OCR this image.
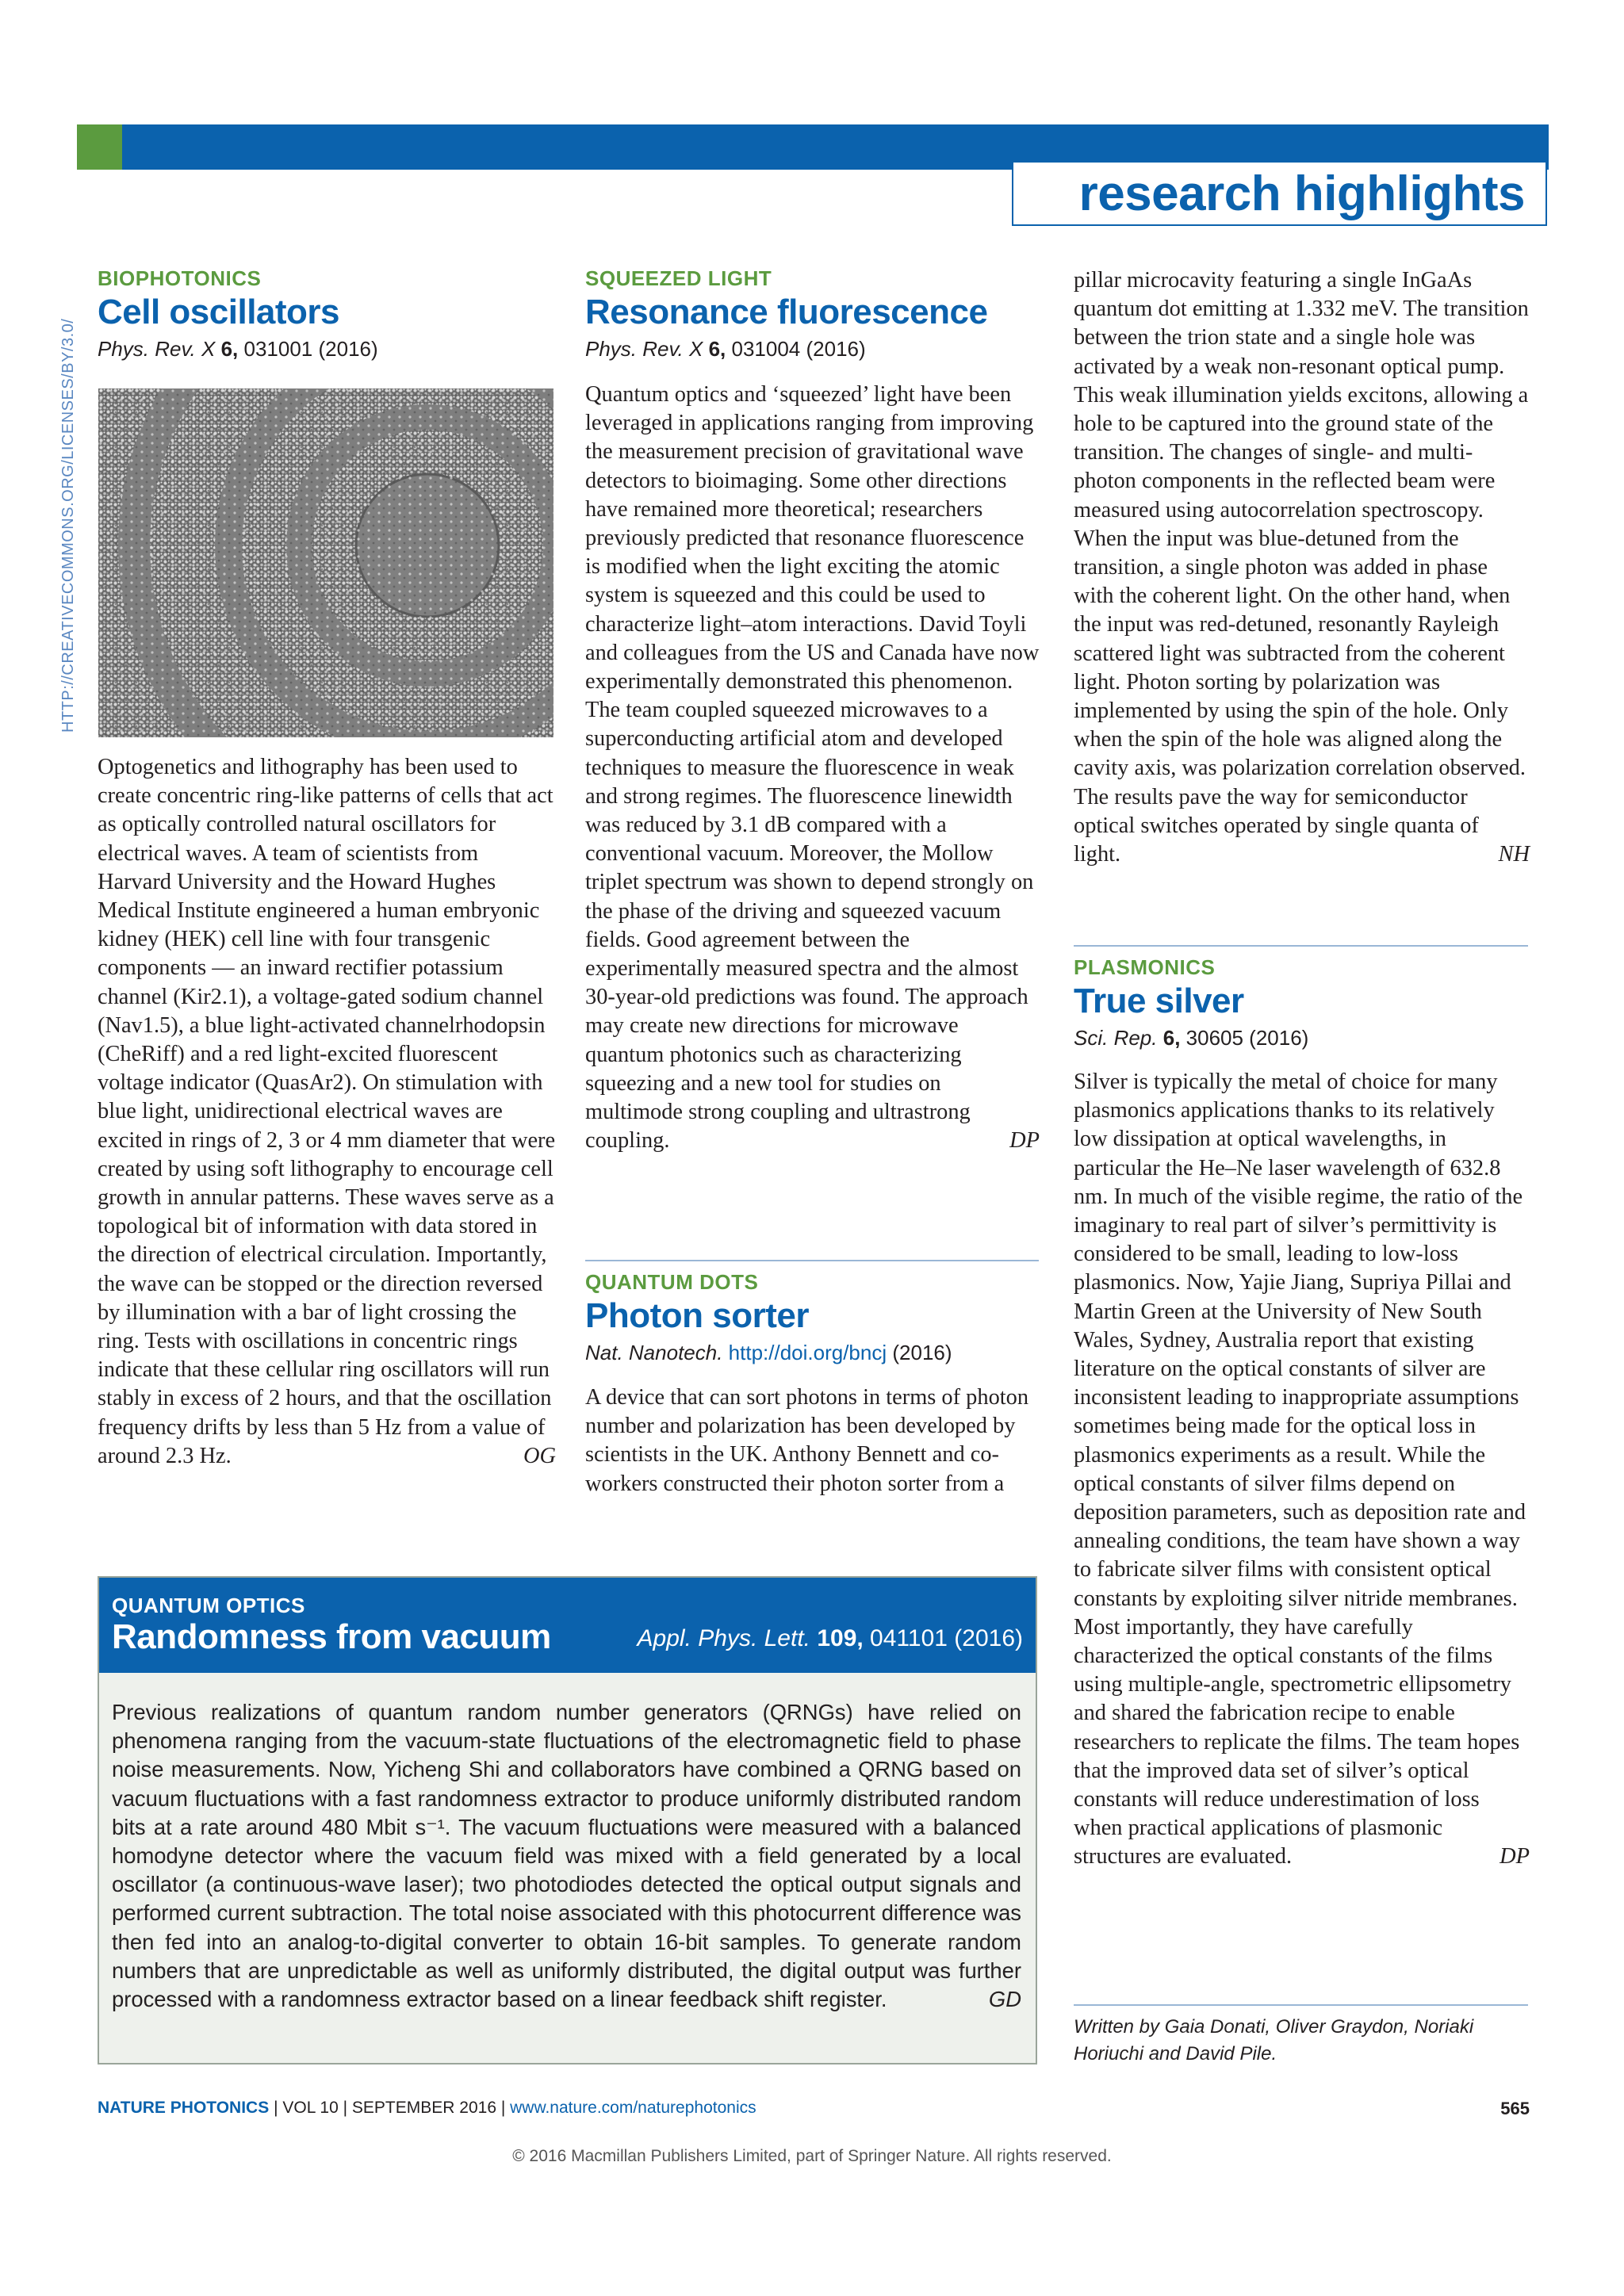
research highlights

BIOPHOTONICS

Cell oscillators

Phys. Rev. X 6, 031001 (2016)

HTTP://CREATIVECOMMONS.ORG/LICENSES/BY/3.0/

Optogenetics and lithography has been used to create concentric ring-like patterns of cells that act as optically controlled natural oscillators for electrical waves. A team of scientists from Harvard University and the Howard Hughes Medical Institute engineered a human embryonic kidney (HEK) cell line with four transgenic components — an inward rectifier potassium channel (Kir2.1), a voltage-gated sodium channel (Nav1.5), a blue light-activated channelrhodopsin (CheRiff) and a red light-excited fluorescent voltage indicator (QuasAr2). On stimulation with blue light, unidirectional electrical waves are excited in rings of 2, 3 or 4 mm diameter that were created by using soft lithography to encourage cell growth in annular patterns. These waves serve as a topological bit of information with data stored in the direction of electrical circulation. Importantly, the wave can be stopped or the direction reversed by illumination with a bar of light crossing the ring. Tests with oscillations in concentric rings indicate that these cellular ring oscillators will run stably in excess of 2 hours, and that the oscillation frequency drifts by less than 5 Hz from a value of around 2.3 Hz.	OG

SQUEEZED LIGHT

Resonance fluorescence

Phys. Rev. X 6, 031004 (2016)

Quantum optics and ‘squeezed’ light have been leveraged in applications ranging from improving the measurement precision of gravitational wave detectors to bioimaging. Some other directions have remained more theoretical; researchers previously predicted that resonance fluorescence is modified when the light exciting the atomic system is squeezed and this could be used to characterize light–atom interactions. David Toyli and colleagues from the US and Canada have now experimentally demonstrated this phenomenon. The team coupled squeezed microwaves to a superconducting artificial atom and developed techniques to measure the fluorescence in weak and strong regimes. The fluorescence linewidth was reduced by 3.1 dB compared with a conventional vacuum. Moreover, the Mollow triplet spectrum was shown to depend strongly on the phase of the driving and squeezed vacuum fields. Good agreement between the experimentally measured spectra and the almost 30-year-old predictions was found. The approach may create new directions for microwave quantum photonics such as characterizing squeezing and a new tool for studies on multimode strong coupling and ultrastrong coupling.	DP

QUANTUM DOTS

Photon sorter

Nat. Nanotech. http://doi.org/bncj (2016)

A device that can sort photons in terms of photon number and polarization has been developed by scientists in the UK. Anthony Bennett and co-workers constructed their photon sorter from a

pillar microcavity featuring a single InGaAs quantum dot emitting at 1.332 meV. The transition between the trion state and a single hole was activated by a weak non-resonant optical pump. This weak illumination yields excitons, allowing a hole to be captured into the ground state of the transition. The changes of single- and multi-photon components in the reflected beam were measured using autocorrelation spectroscopy. When the input was blue-detuned from the transition, a single photon was added in phase with the coherent light. On the other hand, when the input was red-detuned, resonantly Rayleigh scattered light was subtracted from the coherent light. Photon sorting by polarization was implemented by using the spin of the hole. Only when the spin of the hole was aligned along the cavity axis, was polarization correlation observed. The results pave the way for semiconductor optical switches operated by single quanta of light.	NH

PLASMONICS

True silver

Sci. Rep. 6, 30605 (2016)

Silver is typically the metal of choice for many plasmonics applications thanks to its relatively low dissipation at optical wavelengths, in particular the He–Ne laser wavelength of 632.8 nm. In much of the visible regime, the ratio of the imaginary to real part of silver’s permittivity is considered to be small, leading to low-loss plasmonics. Now, Yajie Jiang, Supriya Pillai and Martin Green at the University of New South Wales, Sydney, Australia report that existing literature on the optical constants of silver are inconsistent leading to inappropriate assumptions sometimes being made for the optical loss in plasmonics experiments as a result. While the optical constants of silver films depend on deposition parameters, such as deposition rate and annealing conditions, the team have shown a way to fabricate silver films with consistent optical constants by exploiting silver nitride membranes. Most importantly, they have carefully characterized the optical constants of the films using multiple-angle, spectrometric ellipsometry and shared the fabrication recipe to enable researchers to replicate the films. The team hopes that the improved data set of silver’s optical constants will reduce underestimation of loss when practical applications of plasmonic structures are evaluated.	DP

Written by Gaia Donati, Oliver Graydon, Noriaki Horiuchi and David Pile.
QUANTUM OPTICS
Randomness from vacuum	Appl. Phys. Lett. 109, 041101 (2016)
Previous realizations of quantum random number generators (QRNGs) have relied on phenomena ranging from the vacuum-state fluctuations of the electromagnetic field to phase noise measurements. Now, Yicheng Shi and collaborators have combined a QRNG based on vacuum fluctuations with a fast randomness extractor to produce uniformly distributed random bits at a rate around 480 Mbit s⁻¹. The vacuum fluctuations were measured with a balanced homodyne detector where the vacuum field was mixed with a field generated by a local oscillator (a continuous-wave laser); two photodiodes detected the optical output signals and performed current subtraction. The total noise associated with this photocurrent difference was then fed into an analog-to-digital converter to obtain 16-bit samples. To generate random numbers that are unpredictable as well as uniformly distributed, the digital output was further processed with a randomness extractor based on a linear feedback shift register.	GD
NATURE PHOTONICS | VOL 10 | SEPTEMBER 2016 | www.nature.com/naturephotonics	565
© 2016 Macmillan Publishers Limited, part of Springer Nature. All rights reserved.
